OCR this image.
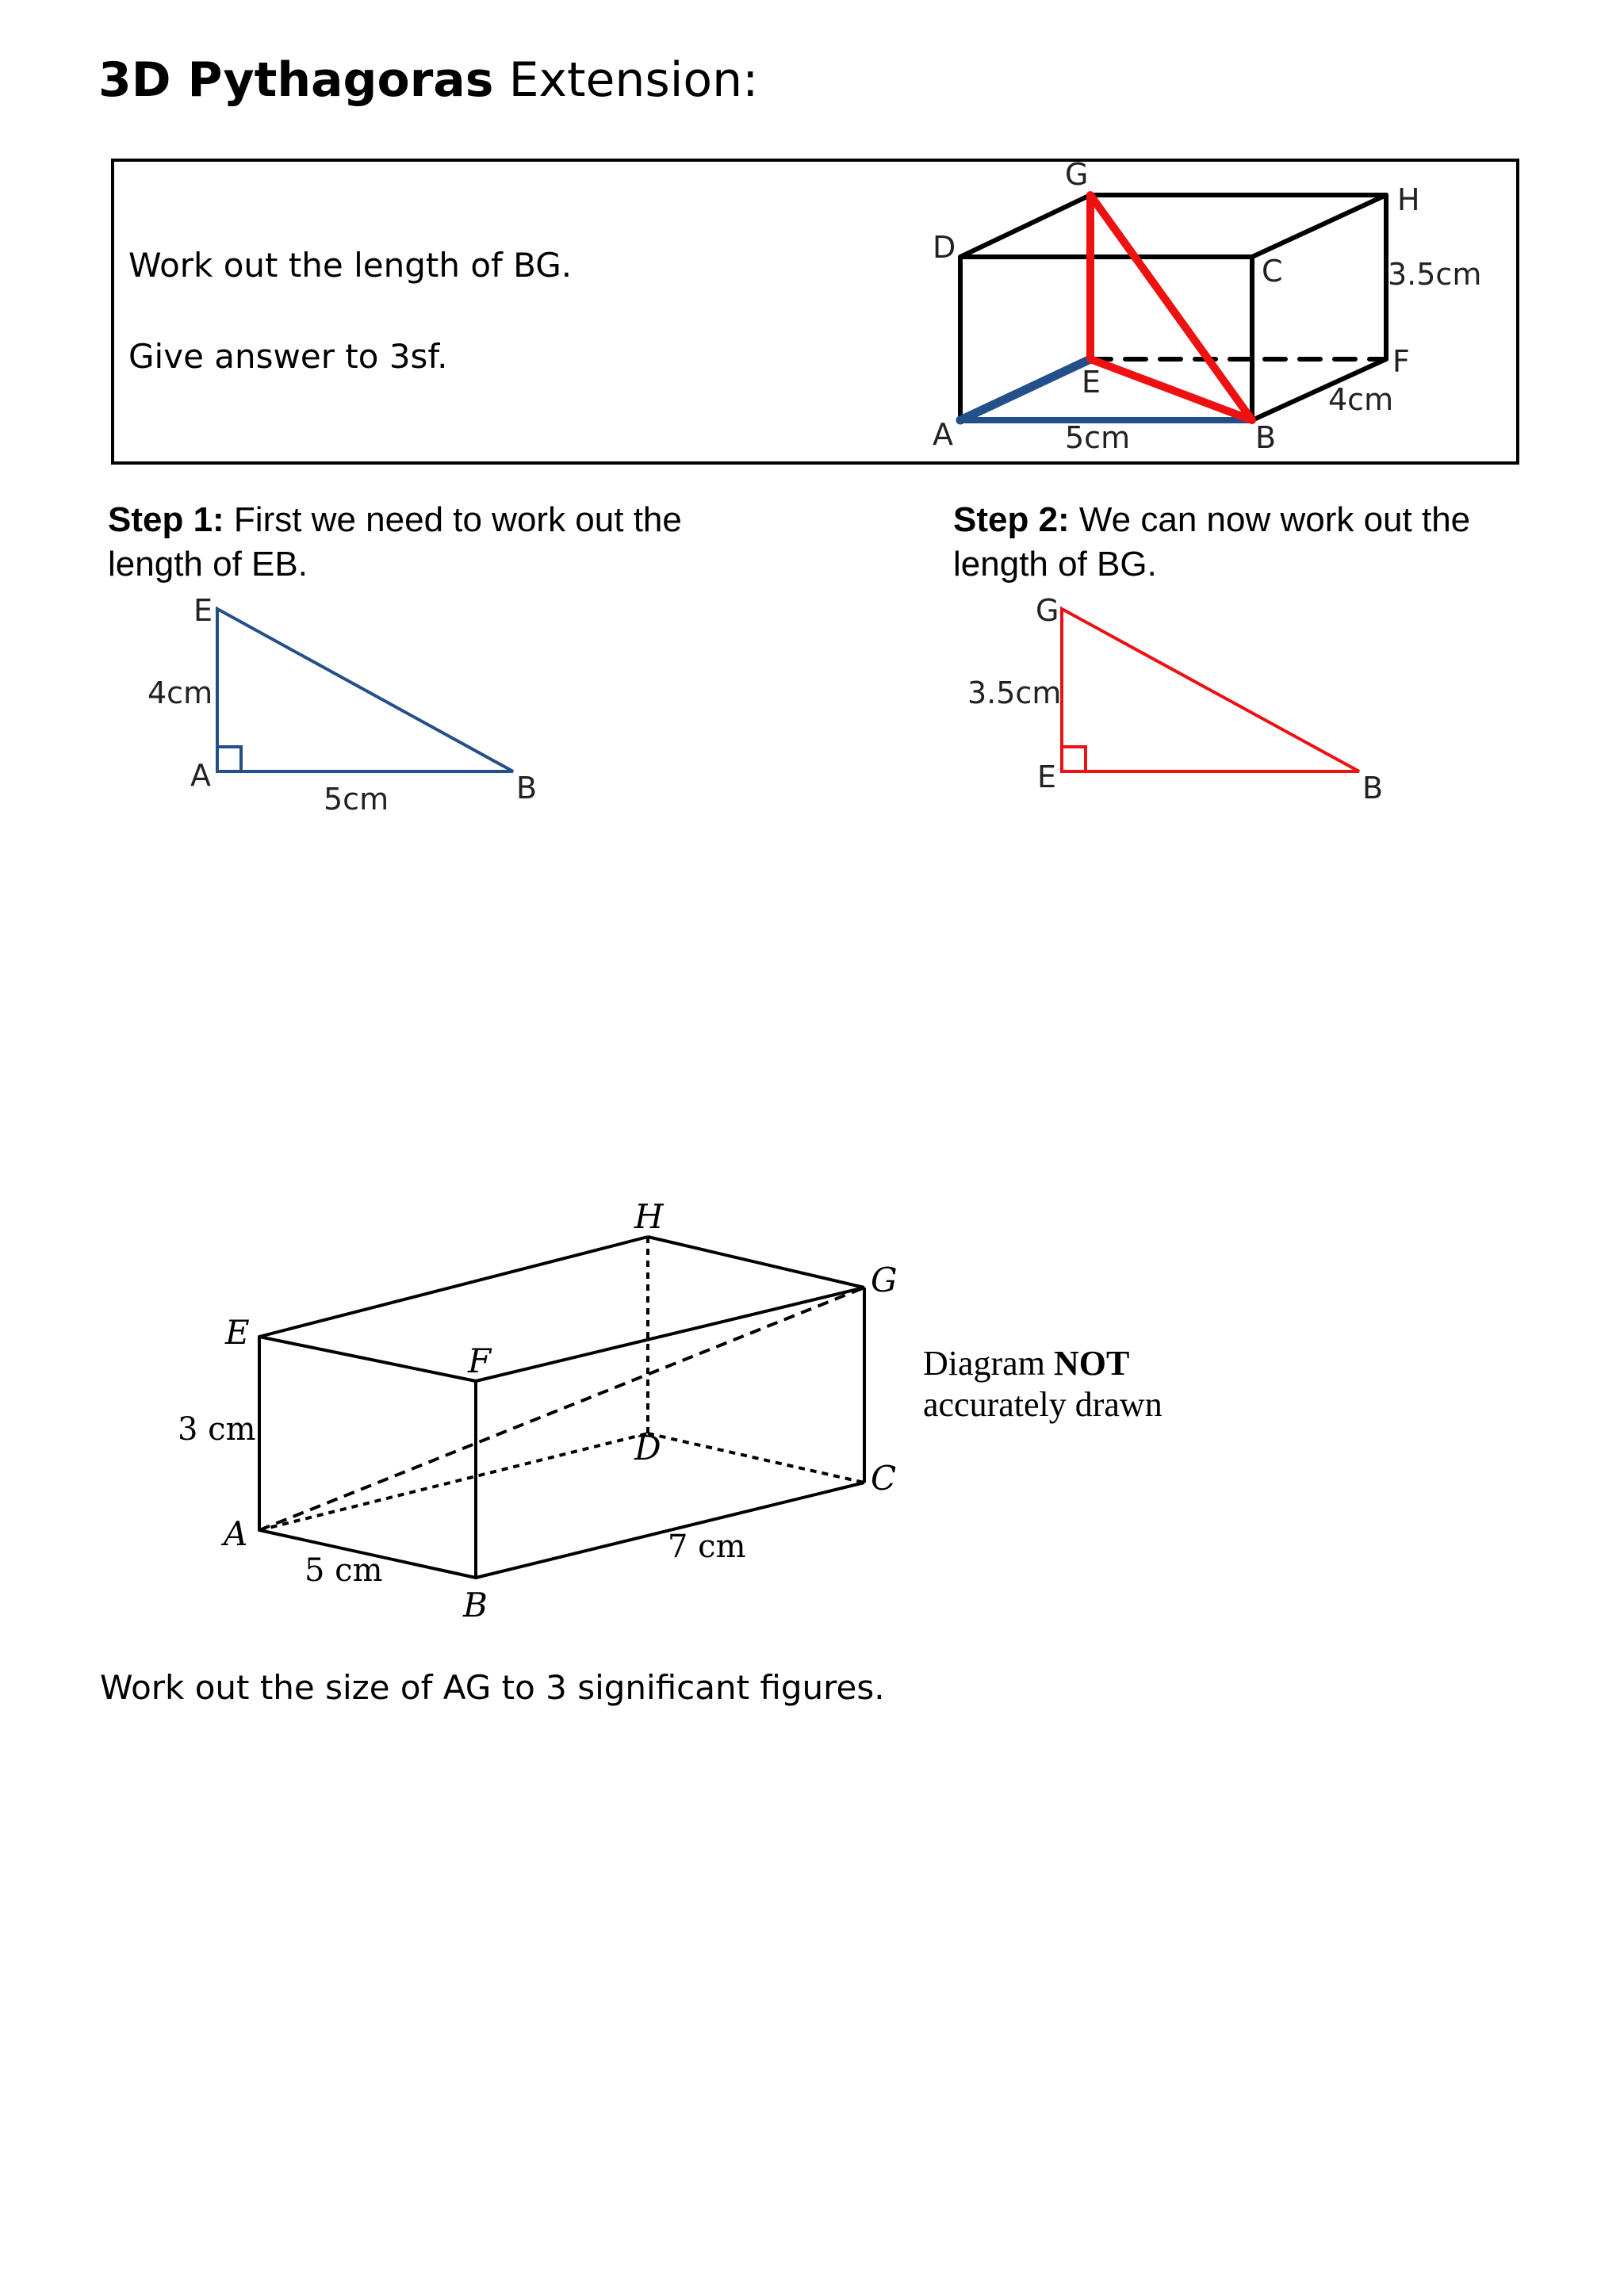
3D Pythagoras Extension:
Work out the length of BG.
Give answer to 3sf.
G
H
D
C	3.5cm
F
E	4cm
A	5cm	B
Step 1: First we need to work out the length of EB.
E
4cm
A
5cm	B
Step 2: We can now work out the length of BG.
G
3.5cm
E	B
H
G
E
F
3 cm	D
C
A	7 cm
5 cm
B
Diagram NOT
accurately drawn
Work out the size of AG to 3 significant figures.
